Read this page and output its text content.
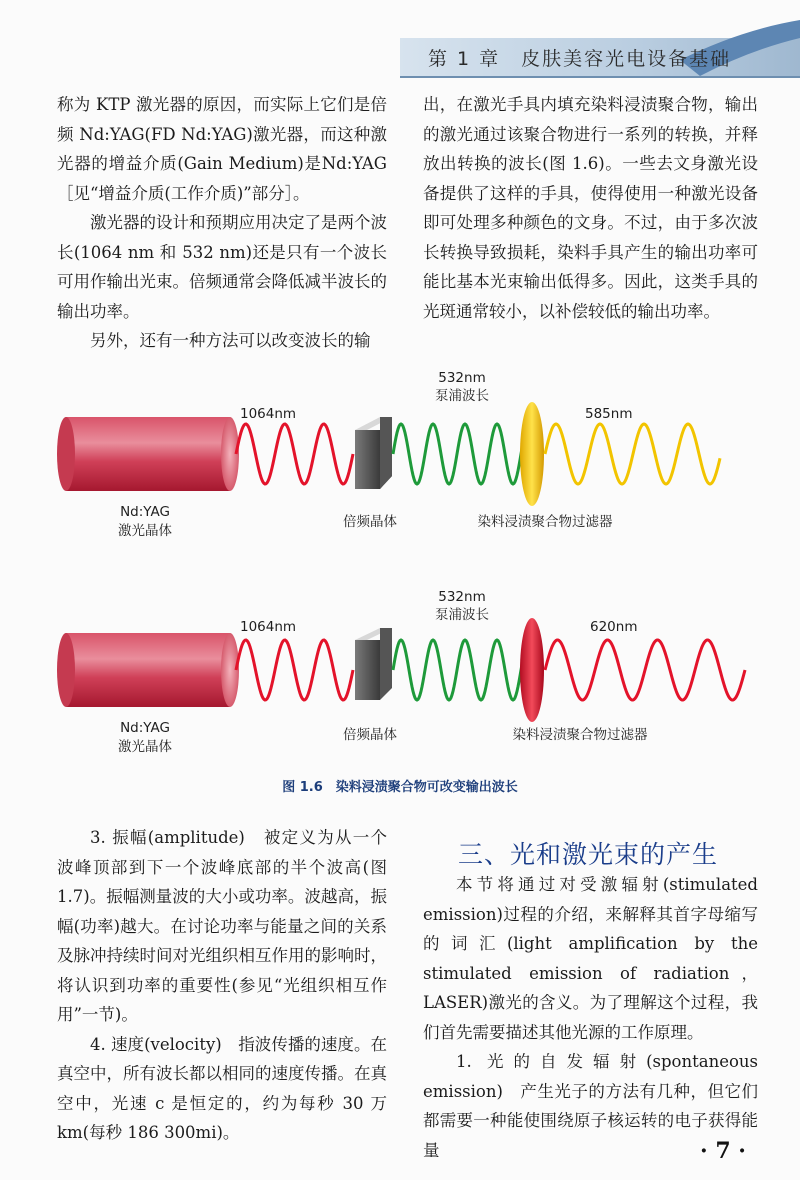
第 1 章　皮肤美容光电设备基础

称为 KTP 激光器的原因，而实际上它们是倍频 Nd:YAG(FD Nd:YAG)激光器，而这种激光器的增益介质(Gain Medium)是Nd:YAG［见“增益介质(工作介质)”部分］。

激光器的设计和预期应用决定了是两个波长(1064 nm 和 532 nm)还是只有一个波长可用作输出光束。倍频通常会降低减半波长的输出功率。

另外，还有一种方法可以改变波长的输

出，在激光手具内填充染料浸渍聚合物，输出的激光通过该聚合物进行一系列的转换，并释放出转换的波长(图 1.6)。一些去文身激光设备提供了这样的手具，使得使用一种激光设备即可处理多种颜色的文身。不过，由于多次波长转换导致损耗，染料手具产生的输出功率可能比基本光束输出低得多。因此，这类手具的光斑通常较小，以补偿较低的输出功率。

1064nm
532nm
泵浦波长
585nm
Nd:YAG
激光晶体
倍频晶体	染料浸渍聚合物过滤器
1064nm
532nm
泵浦波长
620nm
Nd:YAG
激光晶体
倍频晶体	染料浸渍聚合物过滤器
图 1.6　染料浸渍聚合物可改变输出波长

3. 振幅(amplitude)　被定义为从一个波峰顶部到下一个波峰底部的半个波高(图 1.7)。振幅测量波的大小或功率。波越高，振幅(功率)越大。在讨论功率与能量之间的关系及脉冲持续时间对光组织相互作用的影响时，将认识到功率的重要性(参见“光组织相互作用”一节)。

4. 速度(velocity)　指波传播的速度。在真空中，所有波长都以相同的速度传播。在真空中，光速 c 是恒定的，约为每秒 30 万 km(每秒 186 300mi)。

三、光和激光束的产生

本节将通过对受激辐射(stimulated emission)过程的介绍，来解释其首字母缩写的词汇(light amplification by the stimulated emission of radiation，LASER)激光的含义。为了理解这个过程，我们首先需要描述其他光源的工作原理。

1. 光的自发辐射(spontaneous emission)　产生光子的方法有几种，但它们都需要一种能使围绕原子核运转的电子获得能量	· 7 ·
